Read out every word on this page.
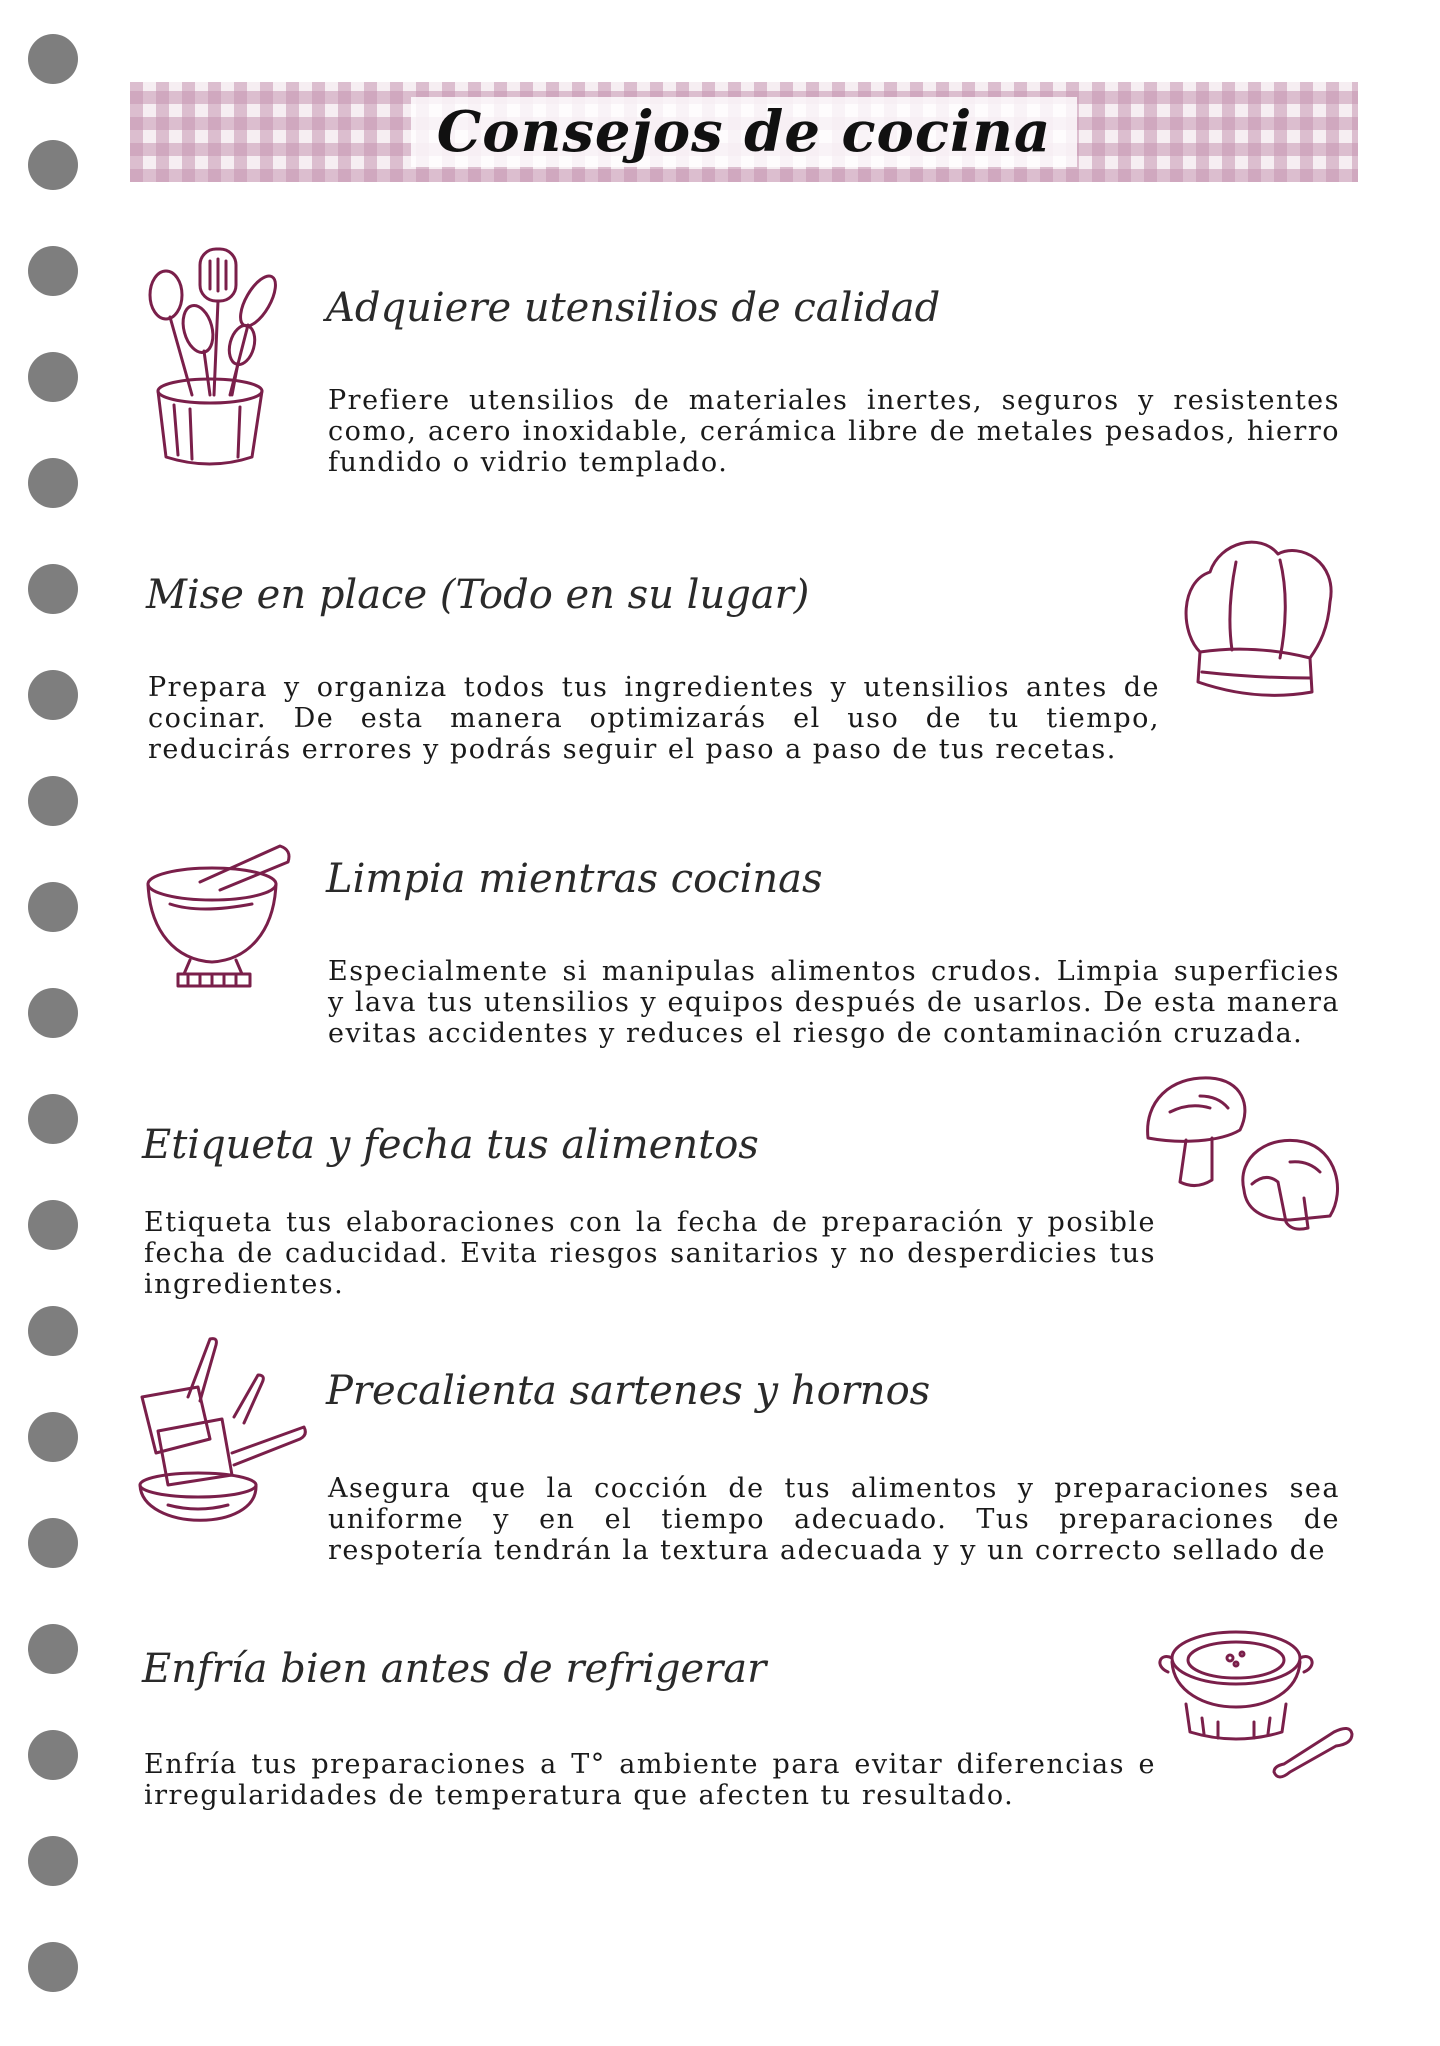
Consejos de cocina
Adquiere utensilios de calidad

Prefiere utensilios de materiales inertes, seguros y resistentes como, acero inoxidable, cerámica libre de metales pesados, hierro fundido o vidrio templado.

Mise en place (Todo en su lugar)

Prepara y organiza todos tus ingredientes y utensilios antes de cocinar. De esta manera optimizarás el uso de tu tiempo, reducirás errores y podrás seguir el paso a paso de tus recetas.

Limpia mientras cocinas

Especialmente si manipulas alimentos crudos. Limpia superficies y lava tus utensilios y equipos después de usarlos. De esta manera evitas accidentes y reduces el riesgo de contaminación cruzada.

Etiqueta y fecha tus alimentos

Etiqueta tus elaboraciones con la fecha de preparación y posible fecha de caducidad. Evita riesgos sanitarios y no desperdicies tus ingredientes.

Precalienta sartenes y hornos

Asegura que la cocción de tus alimentos y preparaciones sea uniforme y en el tiempo adecuado. Tus preparaciones de respotería tendrán la textura adecuada y y un correcto sellado de

Enfría bien antes de refrigerar

Enfría tus preparaciones a T° ambiente para evitar diferencias e irregularidades de temperatura que afecten tu resultado.
